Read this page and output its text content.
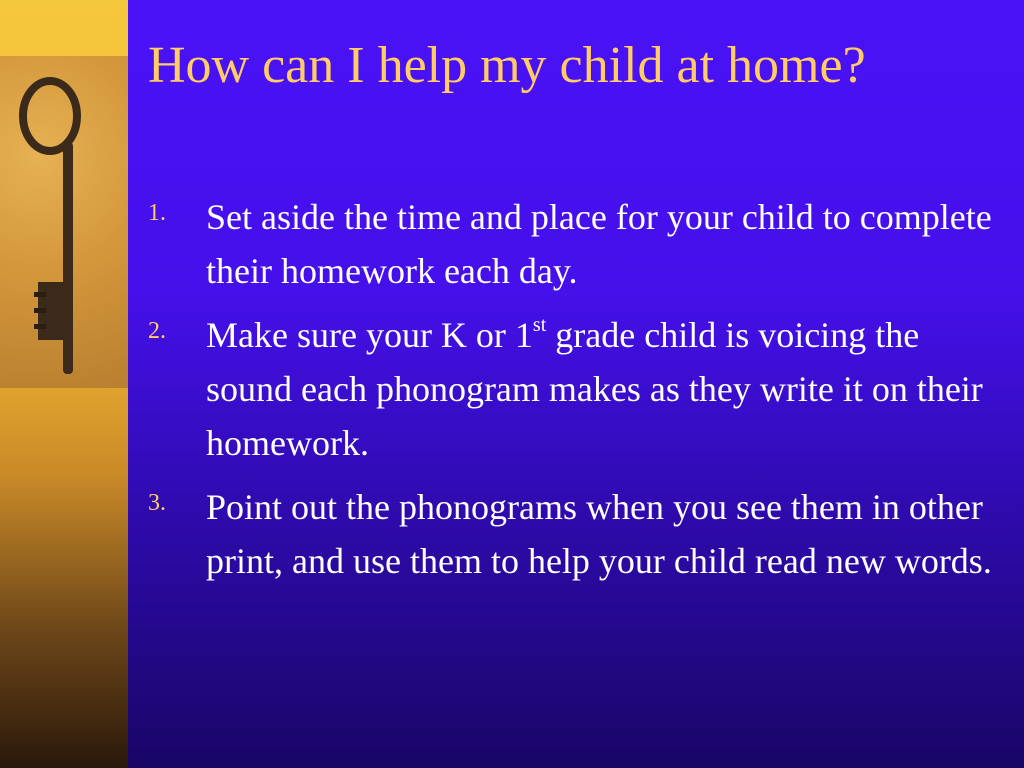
How can I help my child at home?
1. Set aside the time and place for your child to complete their homework each day.
2. Make sure your K or 1st grade child is voicing the sound each phonogram makes as they write it on their homework.
3. Point out the phonograms when you see them in other print, and use them to help your child read new words.
